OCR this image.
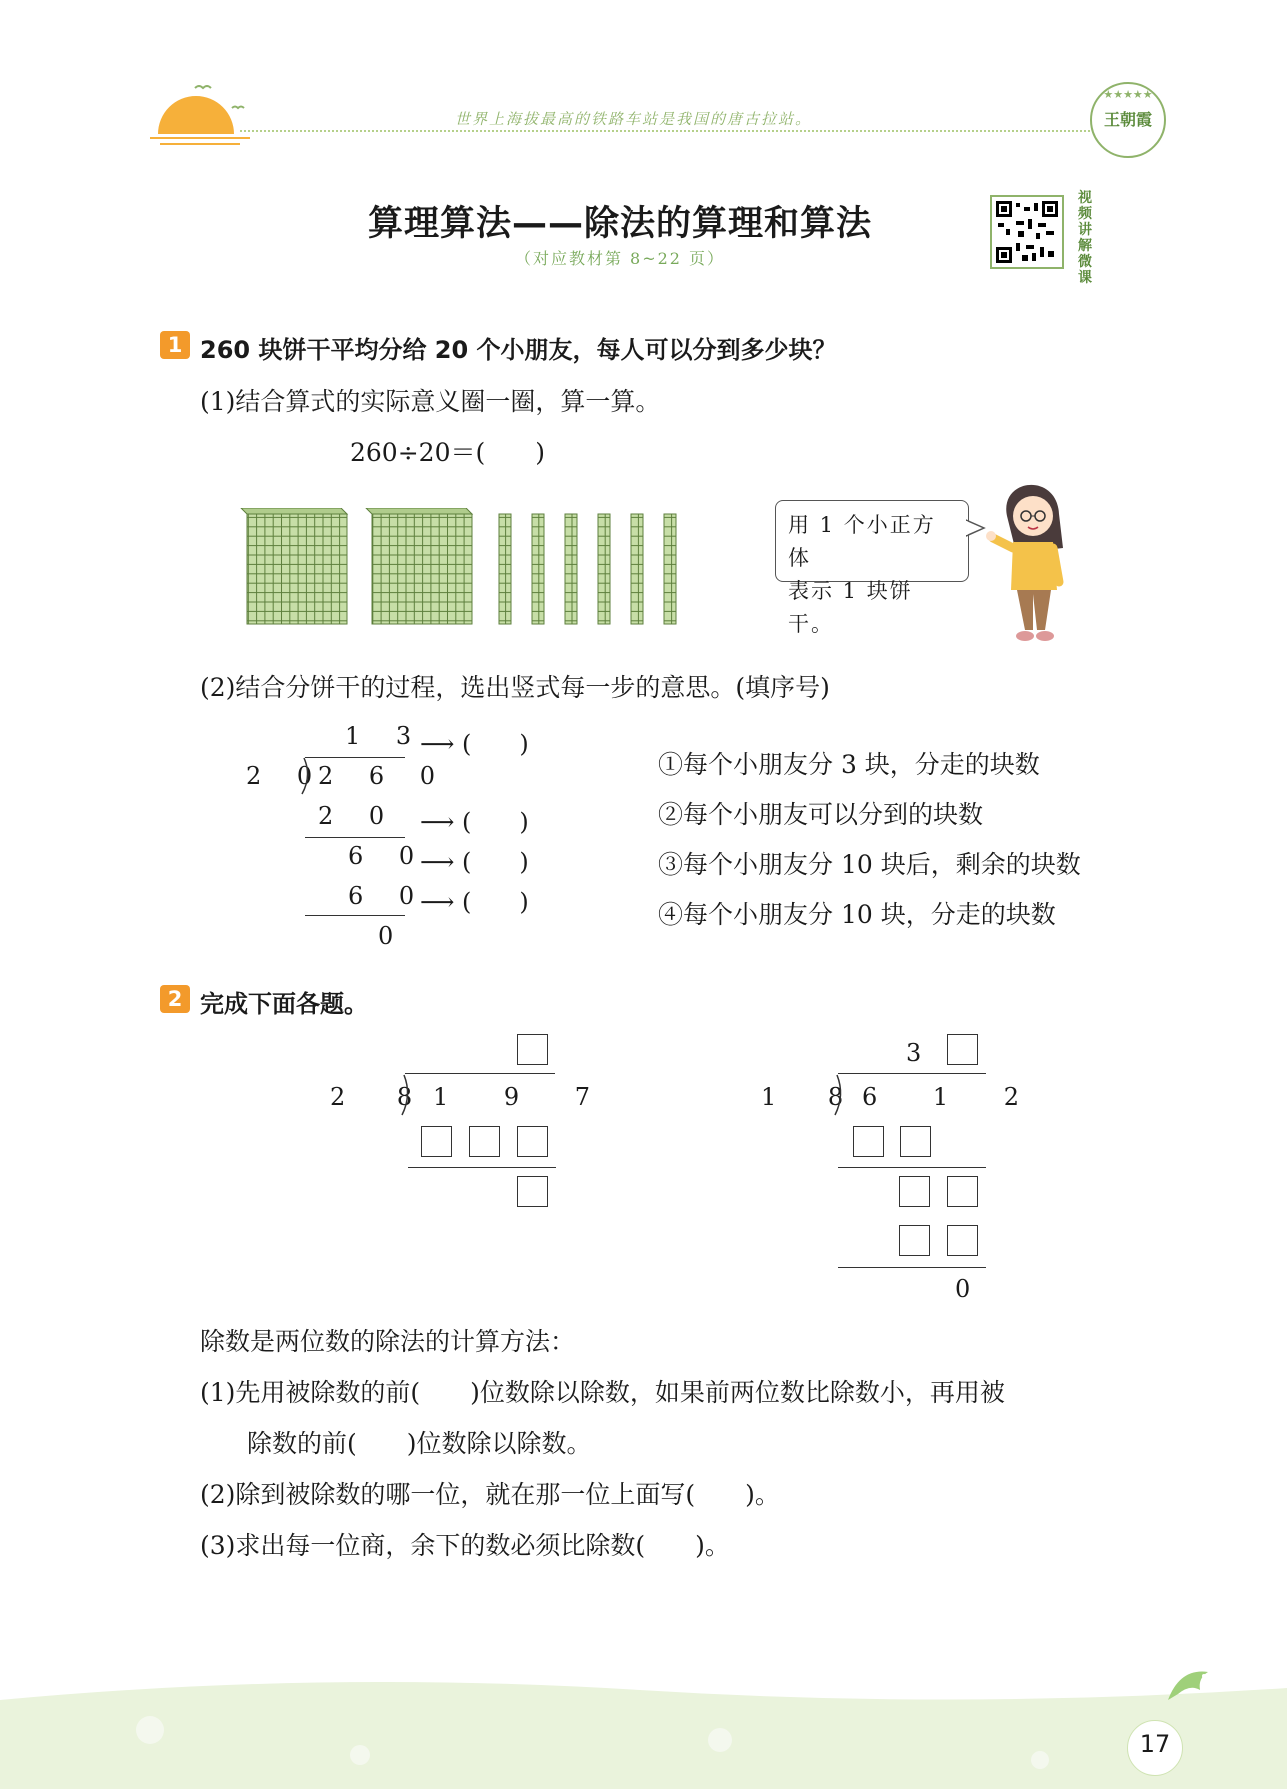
世界上海拔最高的铁路车站是我国的唐古拉站。
★★★★★
王朝霞
算理算法——除法的算理和算法
（对应教材第 8~22 页）
视
频
讲
解
微
课
1 260 块饼干平均分给 20 个小朋友，每人可以分到多少块？
(1)结合算式的实际意义圈一圈，算一算。
260÷20＝(　　)
用 1 个小正方体
表示 1 块饼干。
(2)结合分饼干的过程，选出竖式每一步的意思。(填序号)
1 3
2 0
2 6 0
2 0
6 0
6 0
0
⟶ (　　)
⟶ (　　)
⟶ (　　)
⟶ (　　)
①每个小朋友分 3 块，分走的块数
②每个小朋友可以分到的块数
③每个小朋友分 10 块后，剩余的块数
④每个小朋友分 10 块，分走的块数
2 完成下面各题。
2 8
1 9 7
3
1 8
6 1 2
0
除数是两位数的除法的计算方法：
(1)先用被除数的前(　　)位数除以除数，如果前两位数比除数小，再用被
除数的前(　　)位数除以除数。
(2)除到被除数的哪一位，就在那一位上面写(　　)。
(3)求出每一位商，余下的数必须比除数(　　)。
17
